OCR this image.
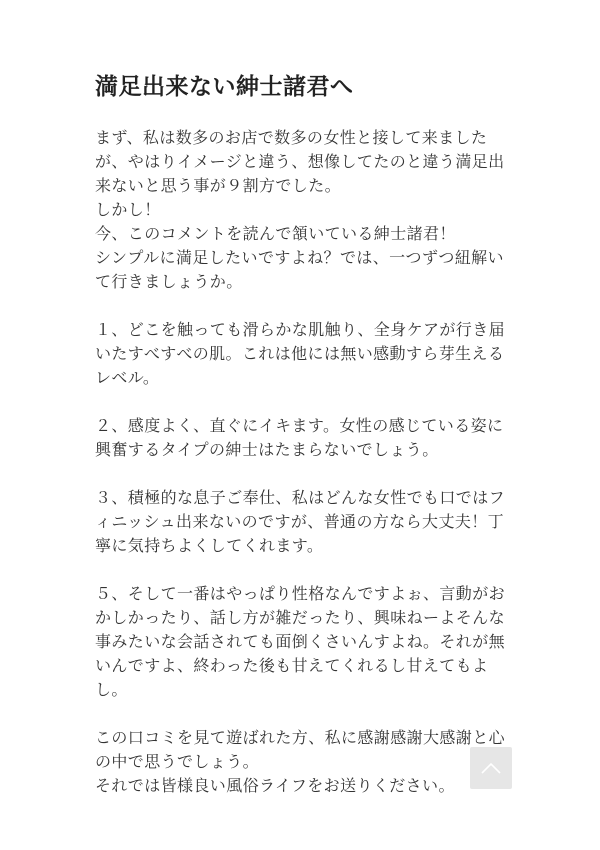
満足出来ない紳士諸君へ
まず、私は数多のお店で数多の女性と接して来ました
が、やはりイメージと違う、想像してたのと違う満足出
来ないと思う事が９割方でした。
しかし！
今、このコメントを読んで頷いている紳士諸君！
シンプルに満足したいですよね？では、一つずつ紐解い
て行きましょうか。
１、どこを触っても滑らかな肌触り、全身ケアが行き届
いたすべすべの肌。これは他には無い感動すら芽生える
レベル。
２、感度よく、直ぐにイキます。女性の感じている姿に
興奮するタイプの紳士はたまらないでしょう。
３、積極的な息子ご奉仕、私はどんな女性でも口ではフ
ィニッシュ出来ないのですが、普通の方なら大丈夫！丁
寧に気持ちよくしてくれます。
５、そして一番はやっぱり性格なんですよぉ、言動がお
かしかったり、話し方が雑だったり、興味ねーよそんな
事みたいな会話されても面倒くさいんすよね。それが無
いんですよ、終わった後も甘えてくれるし甘えてもよ
し。
この口コミを見て遊ばれた方、私に感謝感謝大感謝と心
の中で思うでしょう。
それでは皆様良い風俗ライフをお送りください。
